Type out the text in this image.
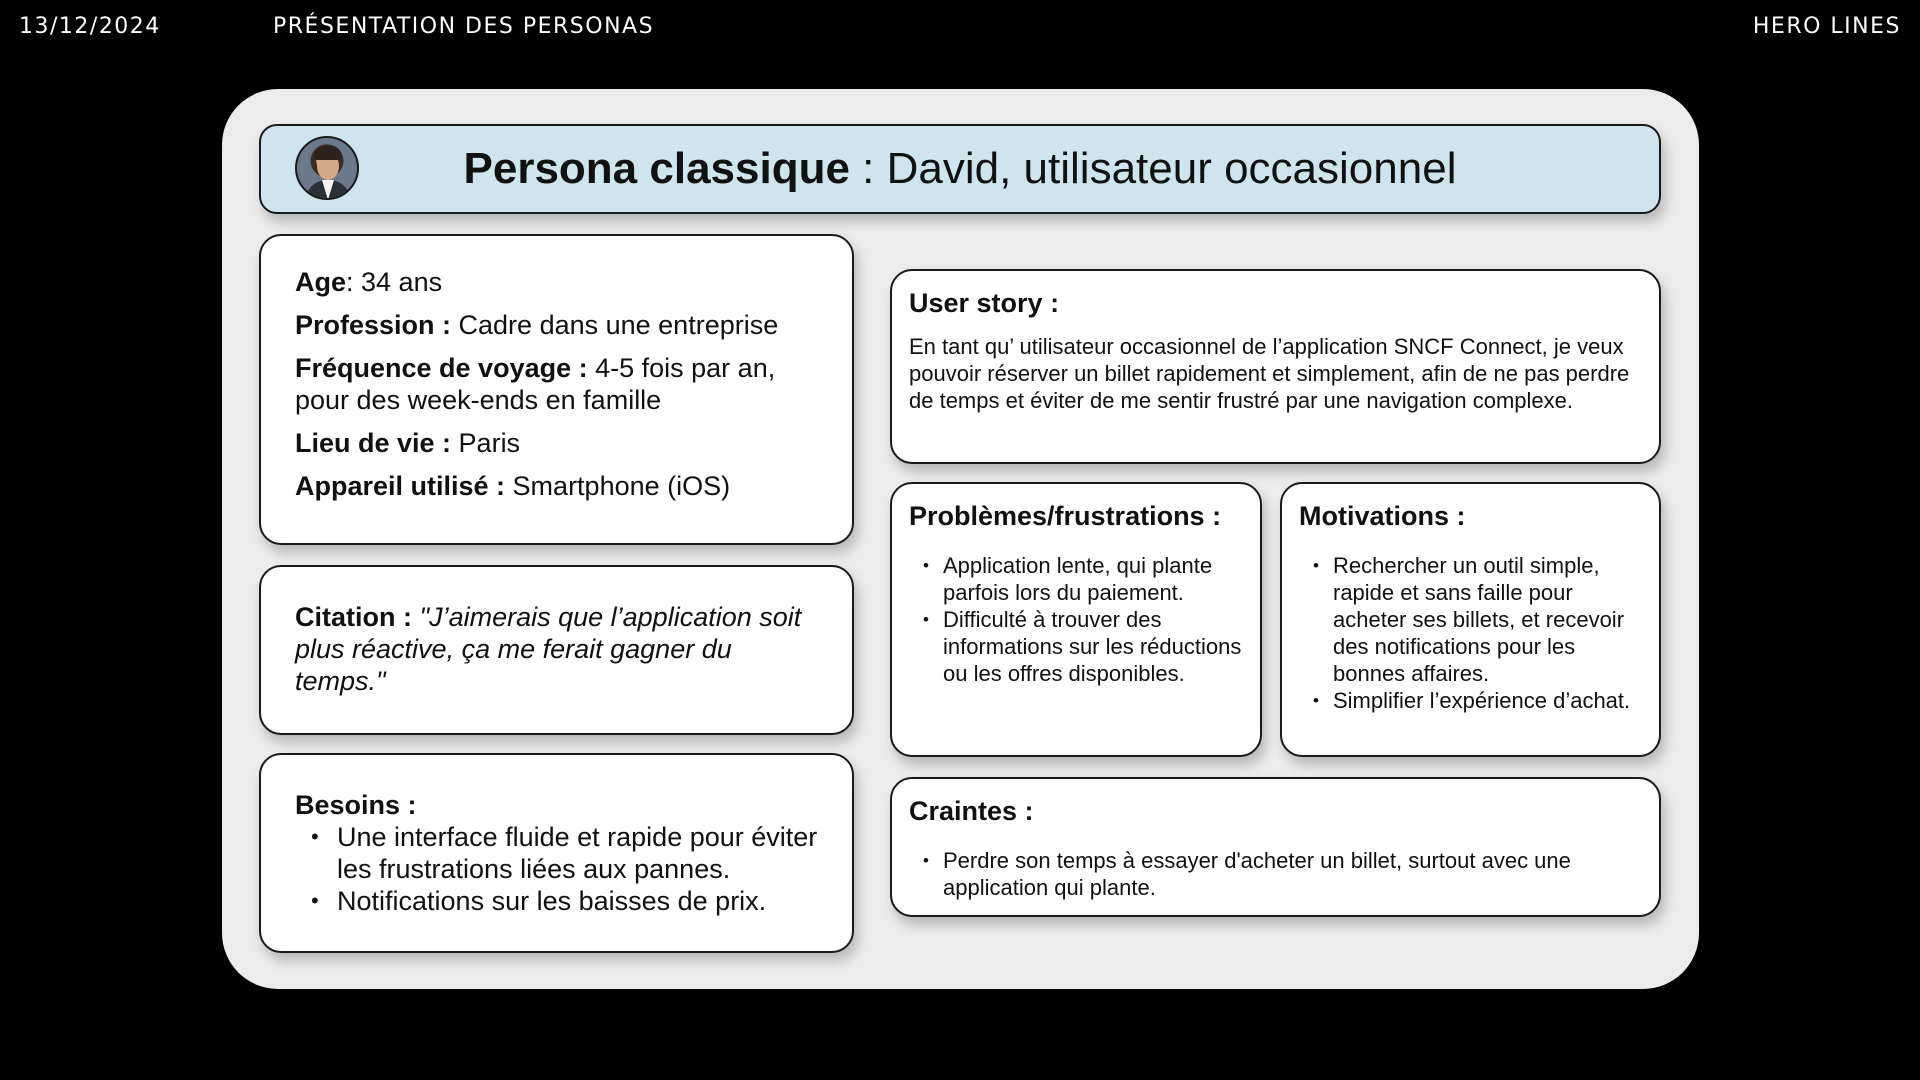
13/12/2024	PRÉSENTATION DES PERSONAS	HERO LINES
Persona classique : David, utilisateur occasionnel

Age: 34 ans

Profession : Cadre dans une entreprise

Fréquence de voyage : 4-5 fois par an, pour des week-ends en famille

Lieu de vie : Paris

Appareil utilisé : Smartphone (iOS)

Citation : "J’aimerais que l’application soit plus réactive, ça me ferait gagner du temps."
Besoins :
• Une interface fluide et rapide pour éviter les frustrations liées aux pannes.
• Notifications sur les baisses de prix.
User story :
En tant qu’ utilisateur occasionnel de l’application SNCF Connect, je veux pouvoir réserver un billet rapidement et simplement, afin de ne pas perdre de temps et éviter de me sentir frustré par une navigation complexe.
Problèmes/frustrations :
• Application lente, qui plante parfois lors du paiement.
• Difficulté à trouver des informations sur les réductions ou les offres disponibles.
Motivations :
• Rechercher un outil simple, rapide et sans faille pour acheter ses billets, et recevoir des notifications pour les bonnes affaires.
• Simplifier l’expérience d’achat.
Craintes :
• Perdre son temps à essayer d'acheter un billet, surtout avec une application qui plante.
